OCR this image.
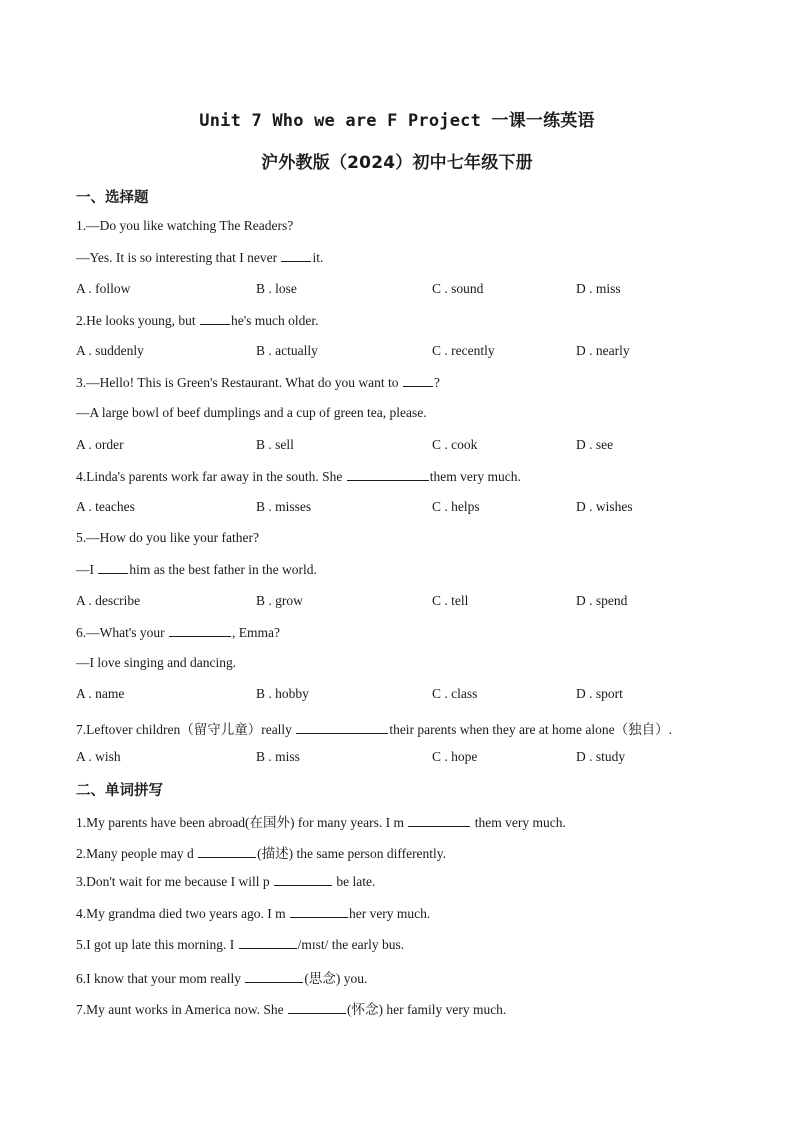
Unit 7 Who we are F Project 一课一练英语
沪外教版（2024）初中七年级下册
一、选择题
1.—Do you like watching The Readers?
—Yes. It is so interesting that I never it.
A . follow	B . lose	C . sound	D . miss
2.He looks young, but he's much older.
A . suddenly	B . actually	C . recently	D . nearly
3.—Hello! This is Green's Restaurant. What do you want to ?
—A large bowl of beef dumplings and a cup of green tea, please.
A . order	B . sell	C . cook	D . see
4.Linda's parents work far away in the south. She	them very much.
A . teaches	B . misses	C . helps	D . wishes
5.—How do you like your father?
—I him as the best father in the world.
A . describe	B . grow	C . tell	D . spend
6.—What's your	, Emma?
—I love singing and dancing.
A . name	B . hobby	C . class	D . sport
7.Leftover children（留守儿童）really	their parents when they are at home alone（独自）.
A . wish	B . miss	C . hope	D . study
二、单词拼写
1.My parents have been abroad(在国外) for many years. I m	them very much.
2.Many people may d	(描述) the same person differently.
3.Don't wait for me because I will p	be late.
4.My grandma died two years ago. I m	her very much.
5.I got up late this morning. I	/mɪst/ the early bus.
6.I know that your mom really	(思念) you.
7.My aunt works in America now. She	(怀念) her family very much.
